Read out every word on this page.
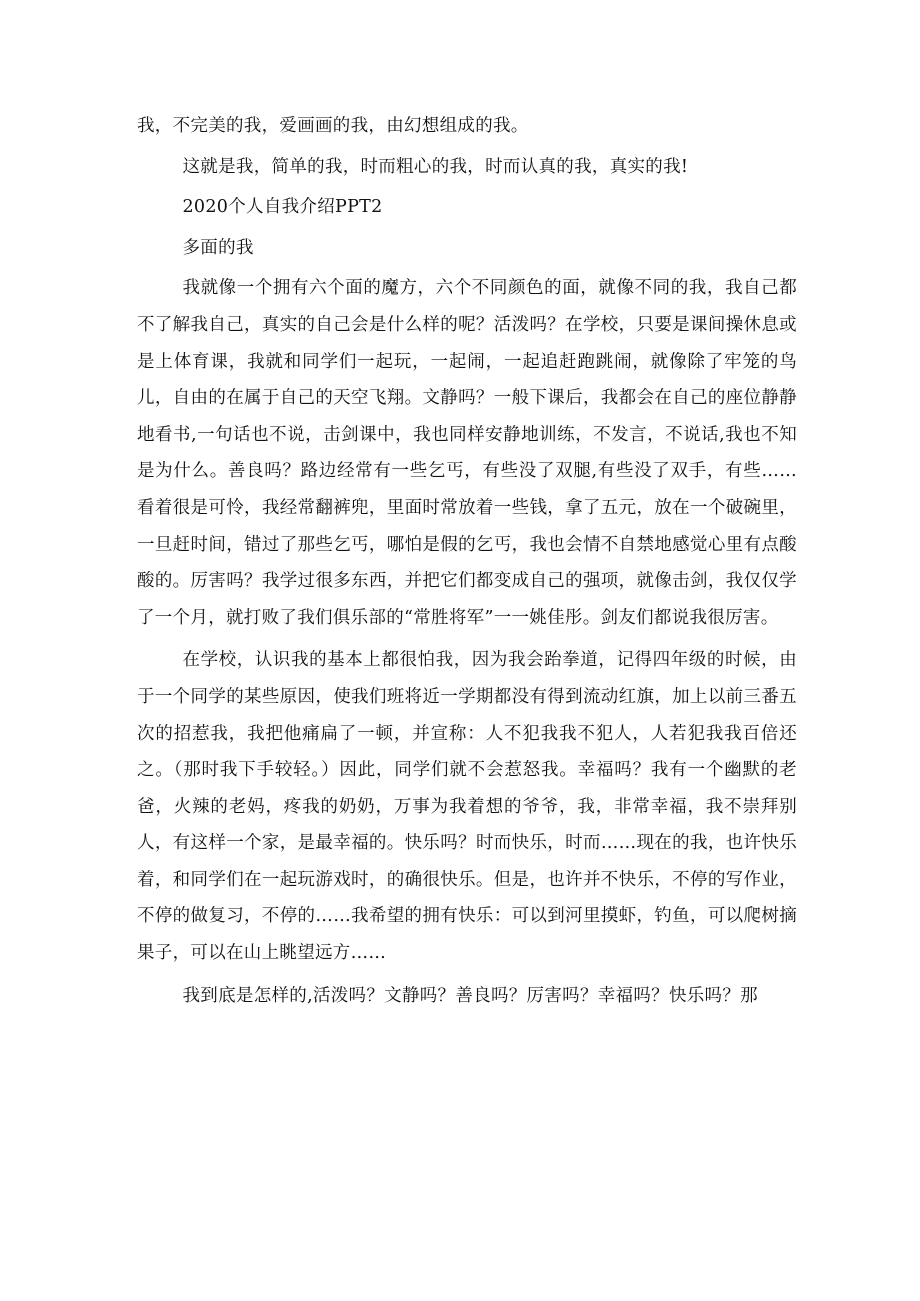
我，不完美的我，爱画画的我，由幻想组成的我。

这就是我，简单的我，时而粗心的我，时而认真的我，真实的我!

2020个人自我介绍PPT2

多面的我

我就像一个拥有六个面的魔方，六个不同颜色的面，就像不同的我，我自己都不了解我自己，真实的自己会是什么样的呢？活泼吗？在学校，只要是课间操休息或是上体育课，我就和同学们一起玩，一起闹，一起追赶跑跳闹，就像除了牢笼的鸟儿，自由的在属于自己的天空飞翔。文静吗？一般下课后，我都会在自己的座位静静地看书,一句话也不说，击剑课中，我也同样安静地训练，不发言，不说话,我也不知是为什么。善良吗？路边经常有一些乞丐，有些没了双腿,有些没了双手，有些……看着很是可怜，我经常翻裤兜，里面时常放着一些钱，拿了五元，放在一个破碗里，一旦赶时间，错过了那些乞丐，哪怕是假的乞丐，我也会情不自禁地感觉心里有点酸酸的。厉害吗？我学过很多东西，并把它们都变成自己的强项，就像击剑，我仅仅学了一个月，就打败了我们俱乐部的“常胜将军”一一姚佳彤。剑友们都说我很厉害。

在学校，认识我的基本上都很怕我，因为我会跆拳道，记得四年级的时候，由于一个同学的某些原因，使我们班将近一学期都没有得到流动红旗，加上以前三番五次的招惹我，我把他痛扁了一顿，并宣称：人不犯我我不犯人，人若犯我我百倍还之。（那时我下手较轻。）因此，同学们就不会惹怒我。幸福吗？我有一个幽默的老爸，火辣的老妈，疼我的奶奶，万事为我着想的爷爷，我，非常幸福，我不崇拜别人，有这样一个家，是最幸福的。快乐吗？时而快乐，时而……现在的我，也许快乐着，和同学们在一起玩游戏时，的确很快乐。但是，也许并不快乐，不停的写作业，不停的做复习，不停的……我希望的拥有快乐：可以到河里摸虾，钓鱼，可以爬树摘果子，可以在山上眺望远方……

我到底是怎样的,活泼吗？文静吗？善良吗？厉害吗？幸福吗？快乐吗？那
